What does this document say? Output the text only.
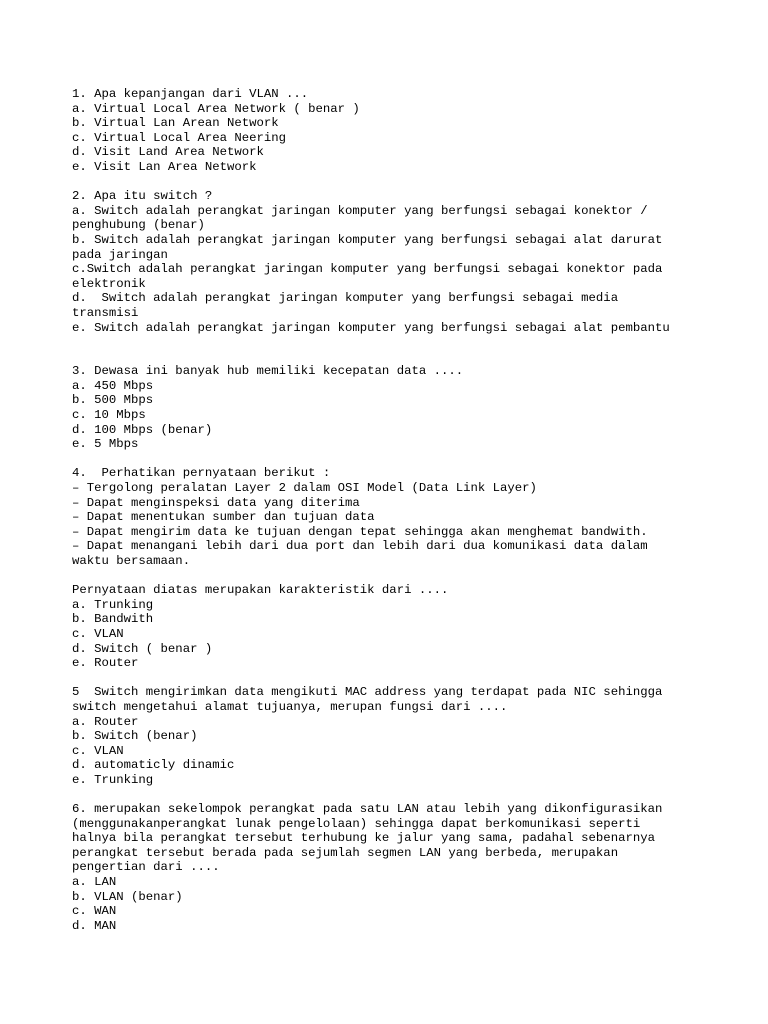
1. Apa kepanjangan dari VLAN ...
a. Virtual Local Area Network ( benar )
b. Virtual Lan Arean Network
c. Virtual Local Area Neering
d. Visit Land Area Network
e. Visit Lan Area Network
2. Apa itu switch ?
a. Switch adalah perangkat jaringan komputer yang berfungsi sebagai konektor /
penghubung (benar)
b. Switch adalah perangkat jaringan komputer yang berfungsi sebagai alat darurat
pada jaringan
c.Switch adalah perangkat jaringan komputer yang berfungsi sebagai konektor pada
elektronik
d.  Switch adalah perangkat jaringan komputer yang berfungsi sebagai media
transmisi
e. Switch adalah perangkat jaringan komputer yang berfungsi sebagai alat pembantu
3. Dewasa ini banyak hub memiliki kecepatan data ....
a. 450 Mbps
b. 500 Mbps
c. 10 Mbps
d. 100 Mbps (benar)
e. 5 Mbps
4.  Perhatikan pernyataan berikut :
– Tergolong peralatan Layer 2 dalam OSI Model (Data Link Layer)
– Dapat menginspeksi data yang diterima
– Dapat menentukan sumber dan tujuan data
– Dapat mengirim data ke tujuan dengan tepat sehingga akan menghemat bandwith.
– Dapat menangani lebih dari dua port dan lebih dari dua komunikasi data dalam
waktu bersamaan.
Pernyataan diatas merupakan karakteristik dari ....
a. Trunking
b. Bandwith
c. VLAN
d. Switch ( benar )
e. Router
5  Switch mengirimkan data mengikuti MAC address yang terdapat pada NIC sehingga
switch mengetahui alamat tujuanya, merupan fungsi dari ....
a. Router
b. Switch (benar)
c. VLAN
d. automaticly dinamic
e. Trunking
6. merupakan sekelompok perangkat pada satu LAN atau lebih yang dikonfigurasikan
(menggunakanperangkat lunak pengelolaan) sehingga dapat berkomunikasi seperti
halnya bila perangkat tersebut terhubung ke jalur yang sama, padahal sebenarnya
perangkat tersebut berada pada sejumlah segmen LAN yang berbeda, merupakan
pengertian dari ....
a. LAN
b. VLAN (benar)
c. WAN
d. MAN
